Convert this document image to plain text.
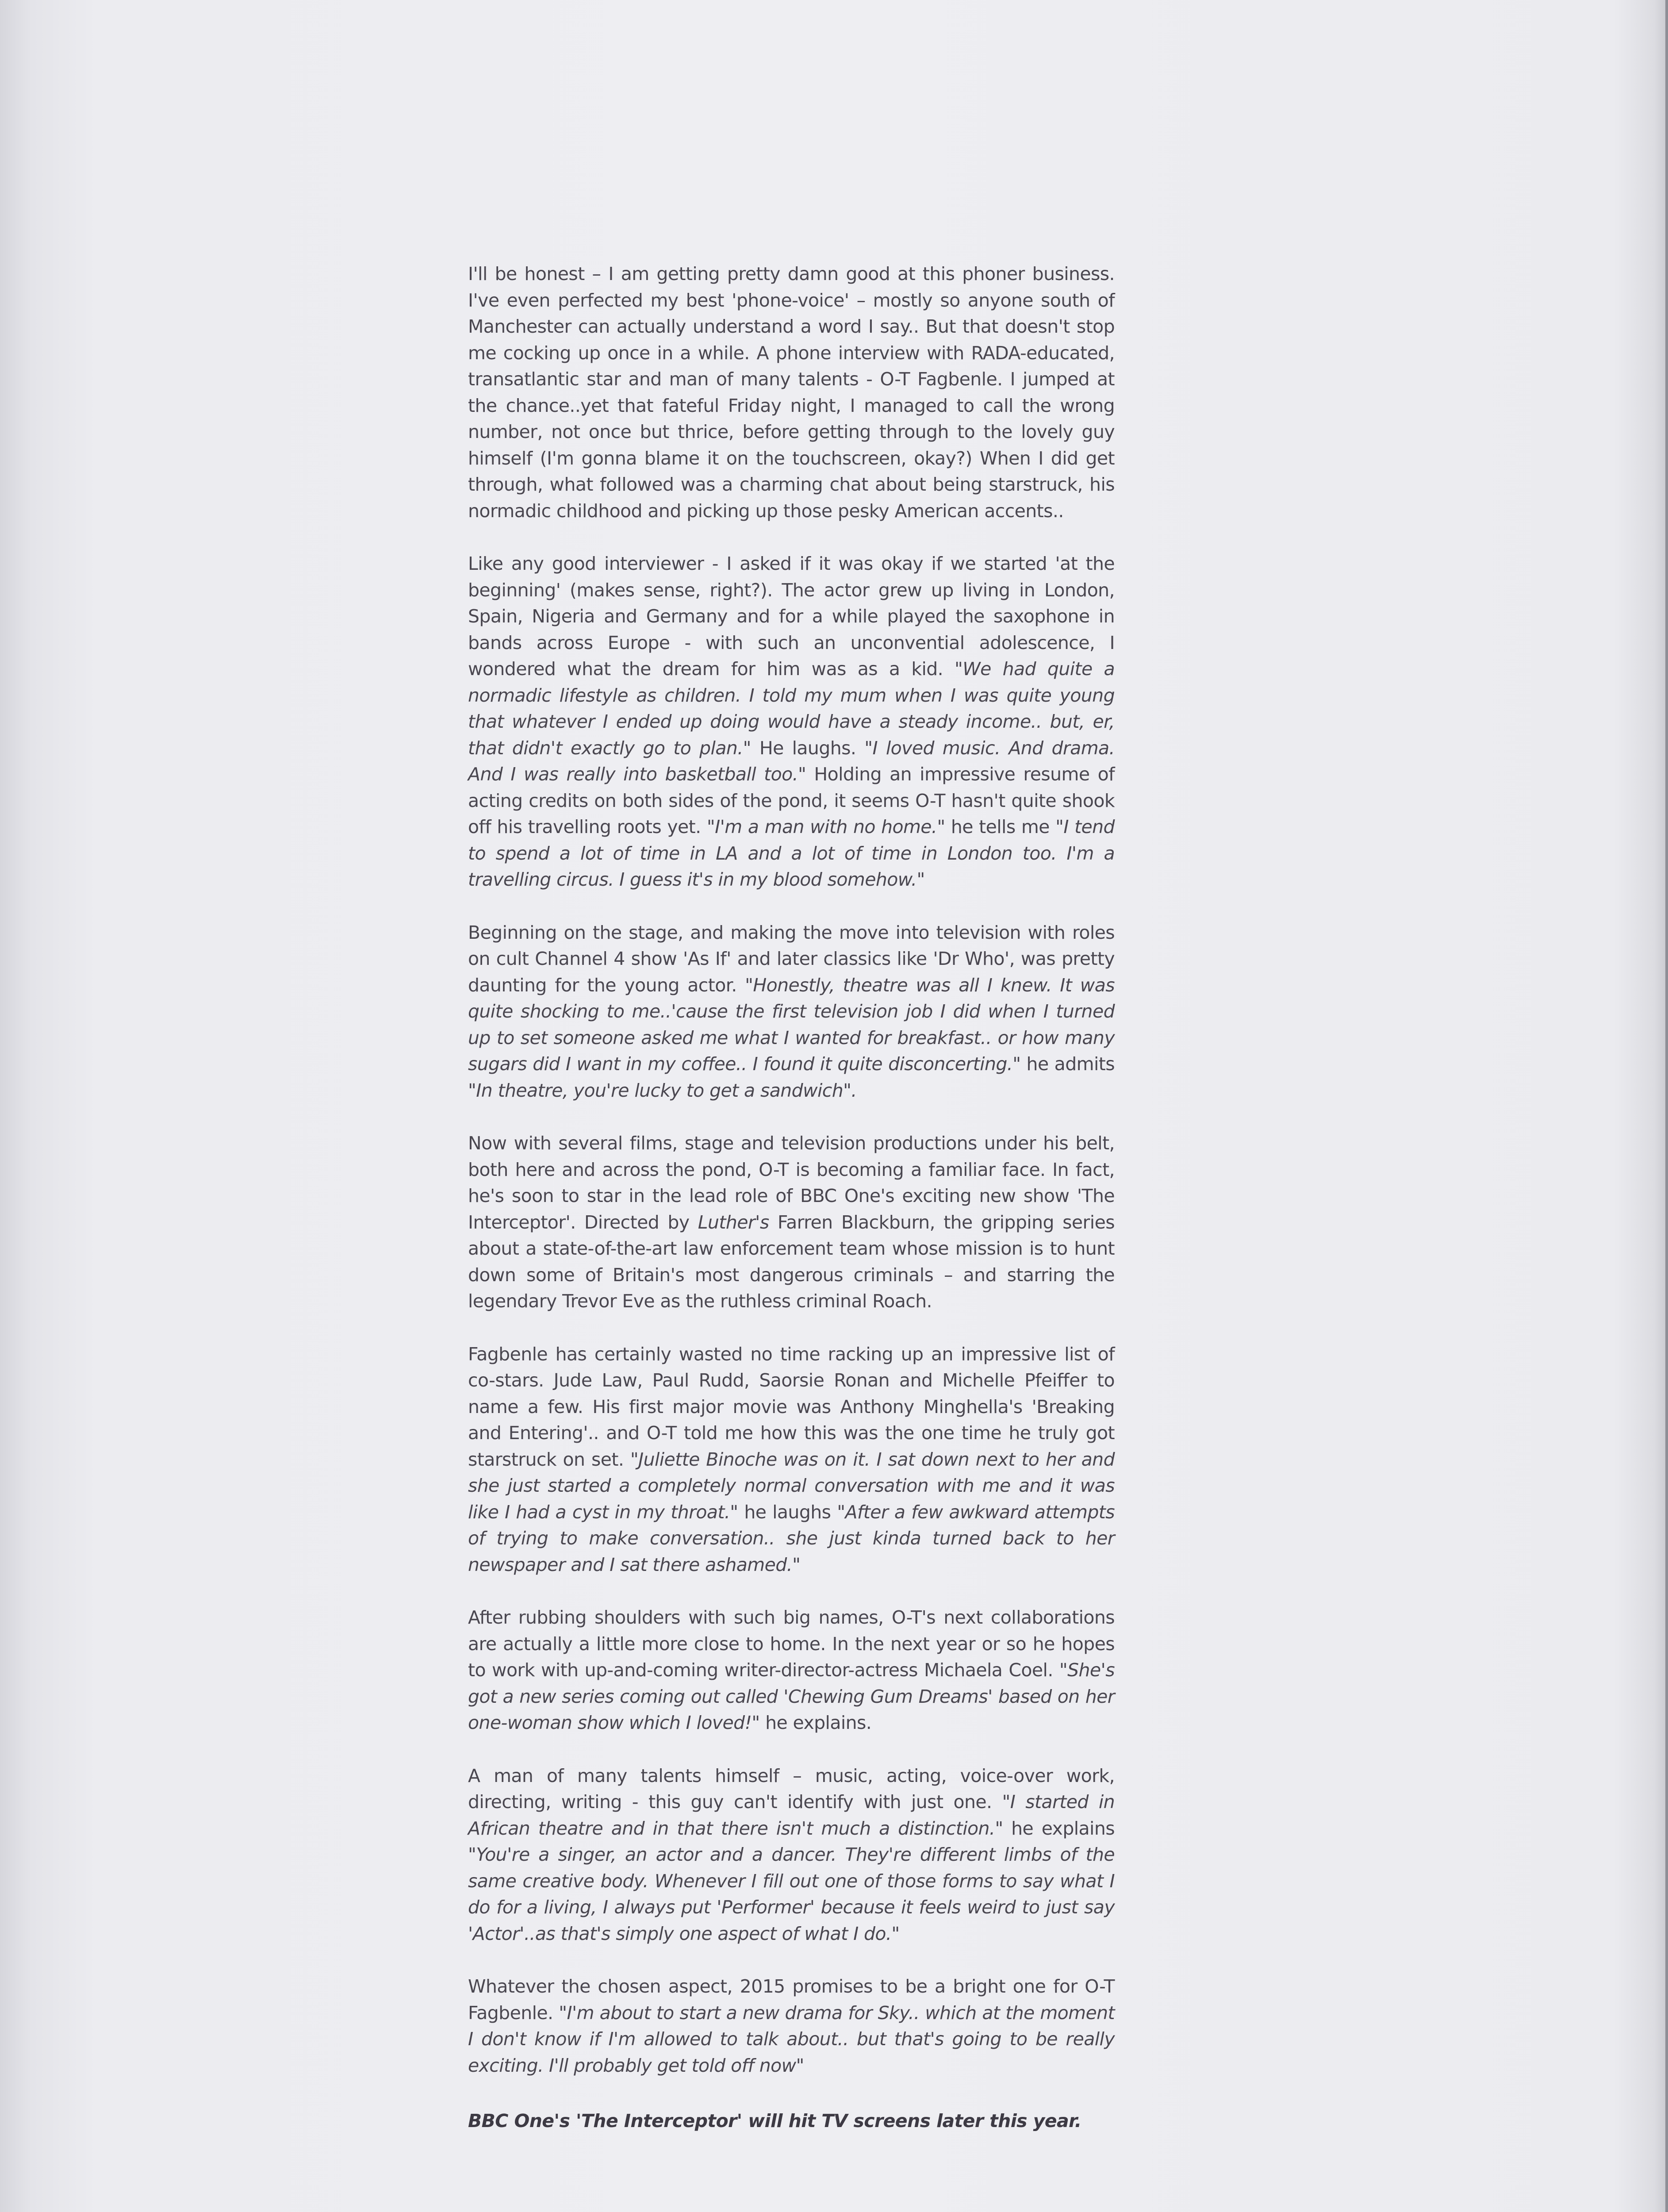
I'll be honest – I am getting pretty damn good at this phoner business. I've even perfected my best 'phone-voice' – mostly so anyone south of Manchester can actually understand a word I say.. But that doesn't stop me cocking up once in a while. A phone interview with RADA-educated, transatlantic star and man of many talents - O-T Fagbenle. I jumped at the chance..yet that fateful Friday night, I managed to call the wrong number, not once but thrice, before getting through to the lovely guy himself (I'm gonna blame it on the touchscreen, okay?) When I did get through, what followed was a charming chat about being starstruck, his normadic childhood and picking up those pesky American accents..

Like any good interviewer - I asked if it was okay if we started 'at the beginning' (makes sense, right?). The actor grew up living in London, Spain, Nigeria and Germany and for a while played the saxophone in bands across Europe - with such an unconvential adolescence, I wondered what the dream for him was as a kid. "We had quite a normadic lifestyle as children. I told my mum when I was quite young that whatever I ended up doing would have a steady income.. but, er, that didn't exactly go to plan." He laughs. "I loved music. And drama. And I was really into basketball too." Holding an impressive resume of acting credits on both sides of the pond, it seems O-T hasn't quite shook off his travelling roots yet. "I'm a man with no home." he tells me "I tend to spend a lot of time in LA and a lot of time in London too. I'm a travelling circus. I guess it's in my blood somehow."

Beginning on the stage, and making the move into television with roles on cult Channel 4 show 'As If' and later classics like 'Dr Who', was pretty daunting for the young actor. "Honestly, theatre was all I knew. It was quite shocking to me..'cause the first television job I did when I turned up to set someone asked me what I wanted for breakfast.. or how many sugars did I want in my coffee.. I found it quite disconcerting." he admits "In theatre, you're lucky to get a sandwich".

Now with several films, stage and television productions under his belt, both here and across the pond, O-T is becoming a familiar face. In fact, he's soon to star in the lead role of BBC One's exciting new show 'The Interceptor'. Directed by Luther's Farren Blackburn, the gripping series about a state-of-the-art law enforcement team whose mission is to hunt down some of Britain's most dangerous criminals – and starring the legendary Trevor Eve as the ruthless criminal Roach.

Fagbenle has certainly wasted no time racking up an impressive list of co-stars. Jude Law, Paul Rudd, Saorsie Ronan and Michelle Pfeiffer to name a few. His first major movie was Anthony Minghella's 'Breaking and Entering'.. and O-T told me how this was the one time he truly got starstruck on set. "Juliette Binoche was on it. I sat down next to her and she just started a completely normal conversation with me and it was like I had a cyst in my throat." he laughs "After a few awkward attempts of trying to make conversation.. she just kinda turned back to her newspaper and I sat there ashamed."

After rubbing shoulders with such big names, O-T's next collaborations are actually a little more close to home. In the next year or so he hopes to work with up-and-coming writer-director-actress Michaela Coel. "She's got a new series coming out called 'Chewing Gum Dreams' based on her one-woman show which I loved!" he explains.

A man of many talents himself – music, acting, voice-over work, directing, writing - this guy can't identify with just one. "I started in African theatre and in that there isn't much a distinction." he explains "You're a singer, an actor and a dancer. They're different limbs of the same creative body. Whenever I fill out one of those forms to say what I do for a living, I always put 'Performer' because it feels weird to just say 'Actor'..as that's simply one aspect of what I do."

Whatever the chosen aspect, 2015 promises to be a bright one for O-T Fagbenle. "I'm about to start a new drama for Sky.. which at the moment I don't know if I'm allowed to talk about.. but that's going to be really exciting. I'll probably get told off now"

BBC One's 'The Interceptor' will hit TV screens later this year.
